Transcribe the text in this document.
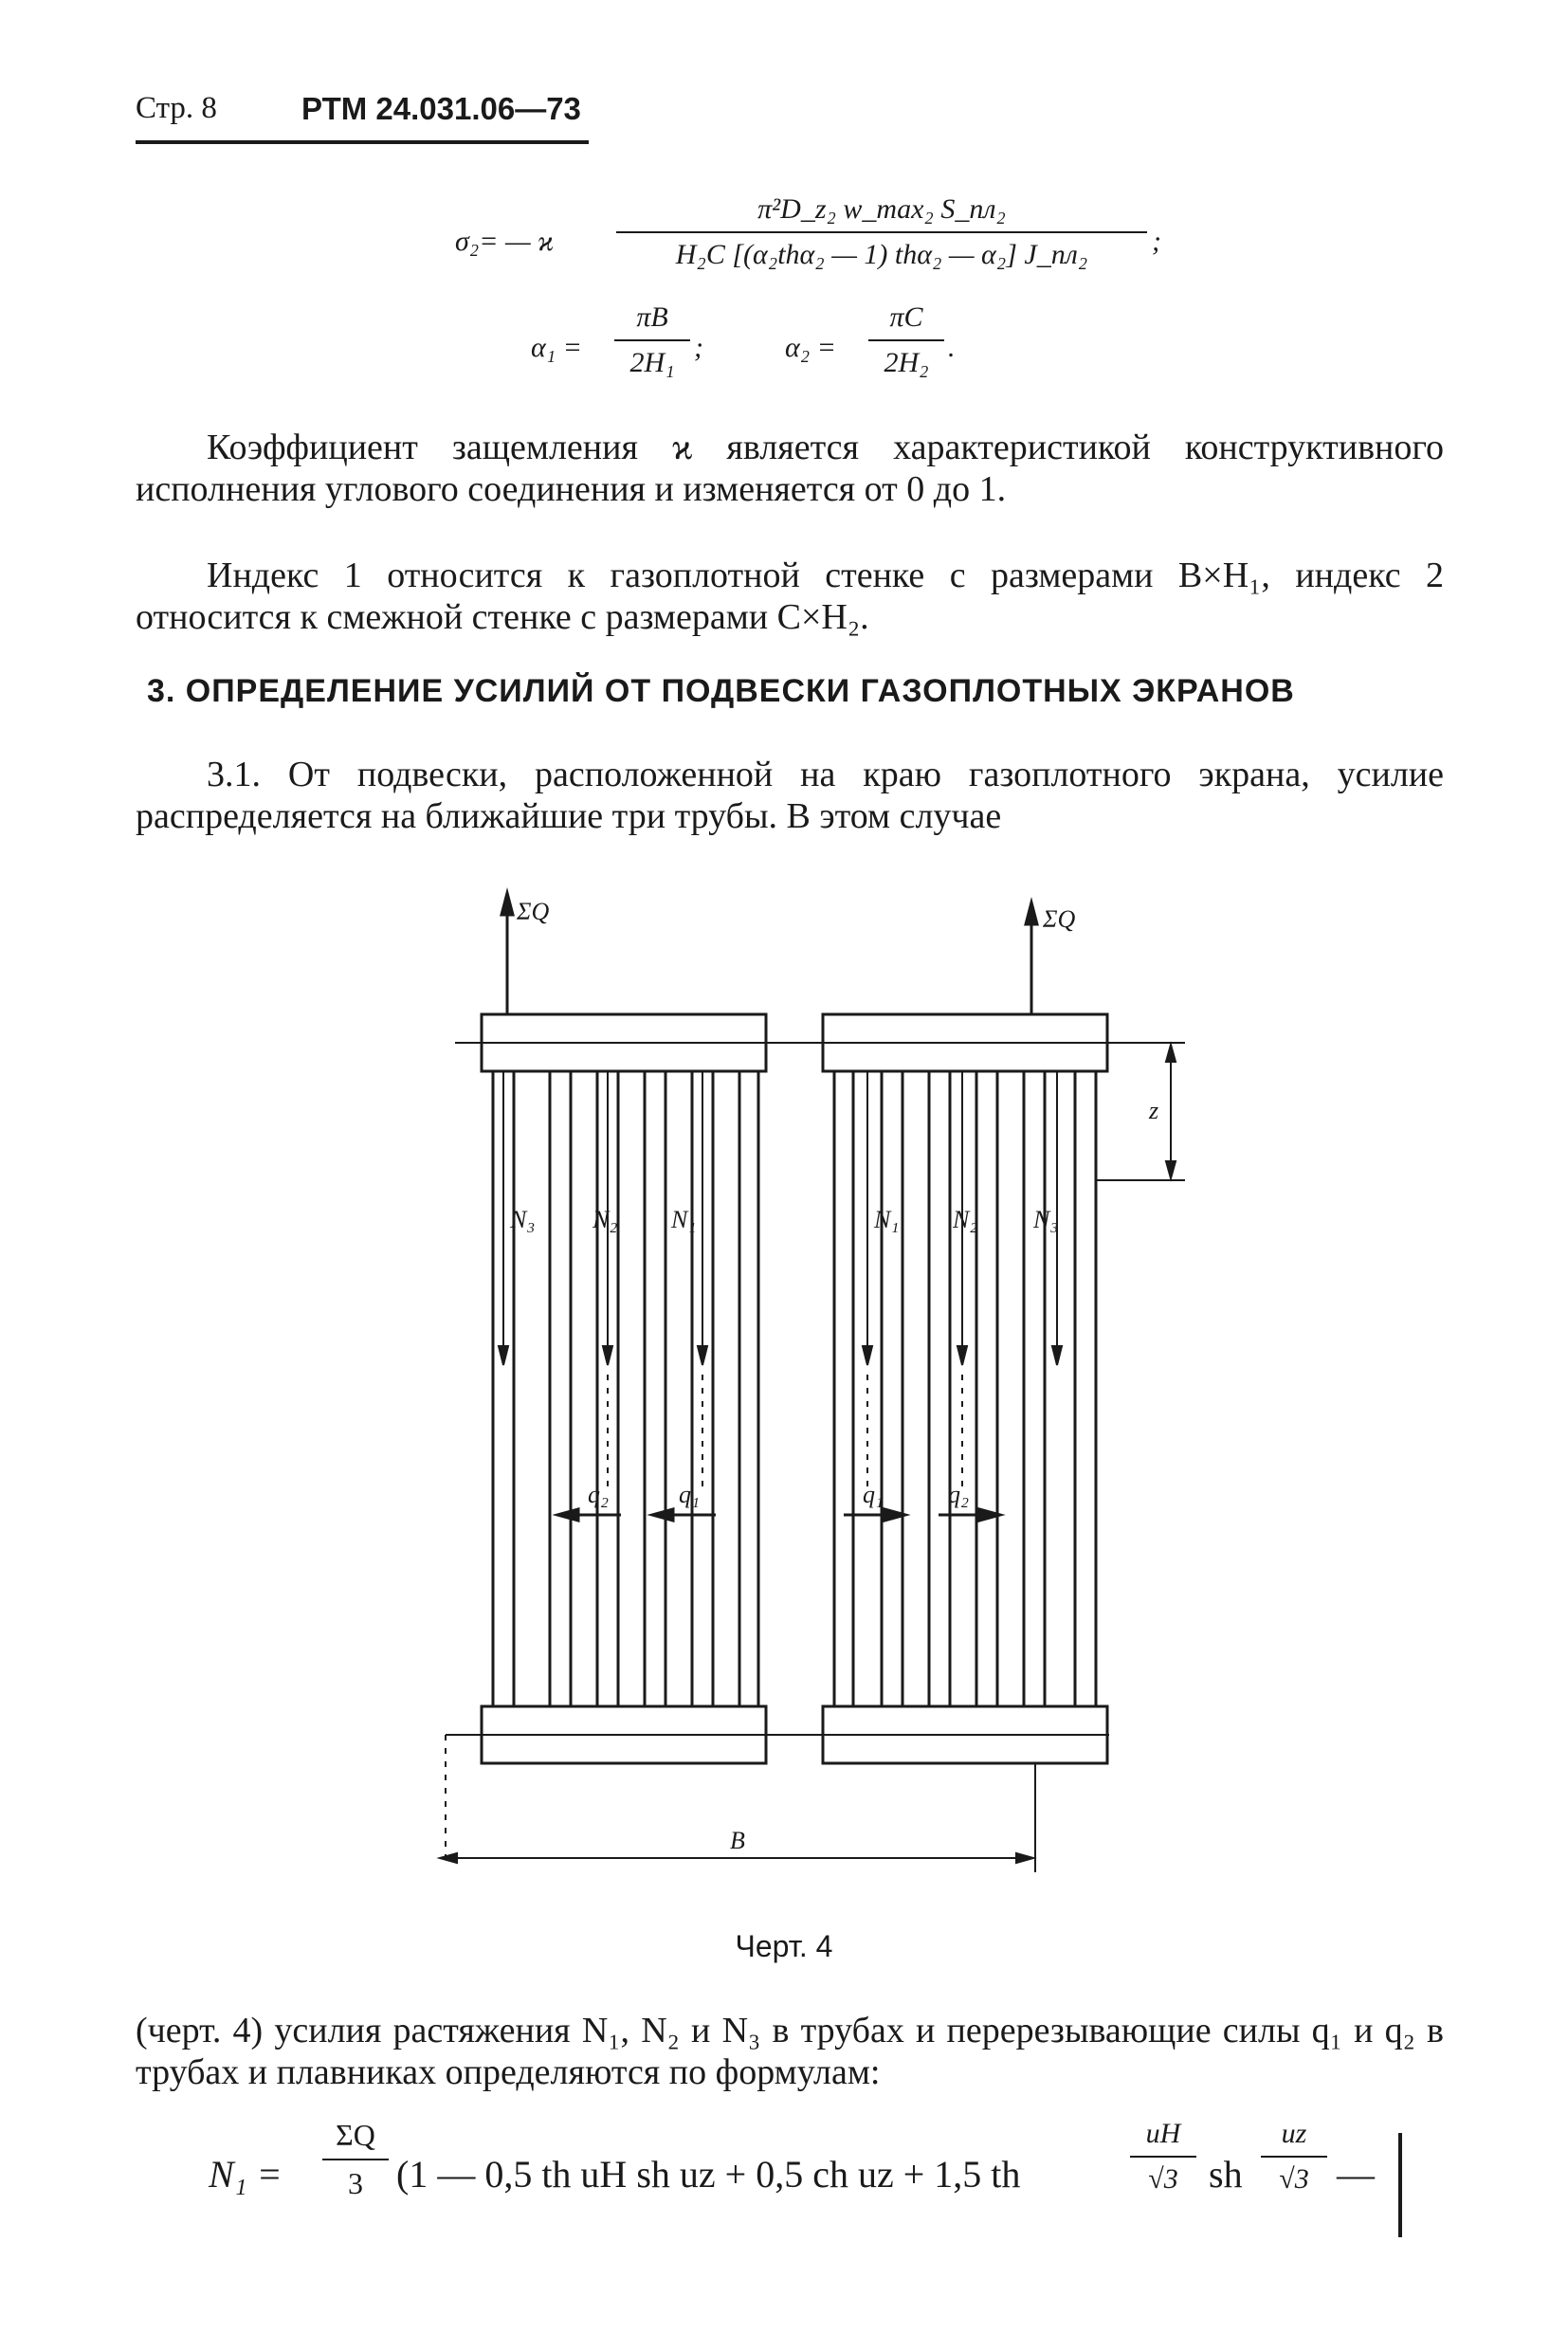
Стр. 8	РТМ 24.031.06—73
σ₂= — ϰ
π²D_z₂ w_max₂ S_пл₂
H₂C [(α₂thα₂ — 1) thα₂ — α₂] J_пл₂	;
α₁ =
πB
2H₁ ;	α₂ =
πC
2H₂ .

Коэффициент защемления ϰ является характеристикой конструктивного исполнения углового соединения и изменяется от 0 до 1.

Индекс 1 относится к газоплотной стенке с размерами B×H₁, индекс 2 относится к смежной стенке с размерами C×H₂.

3. ОПРЕДЕЛЕНИЕ УСИЛИЙ ОТ ПОДВЕСКИ ГАЗОПЛОТНЫХ ЭКРАНОВ

3.1. От подвески, расположенной на краю газоплотного экрана, усилие распределяется на ближайшие три трубы. В этом случае

ΣQ	ΣQ
z
B
N₃ N₂ N₁	N₁ N₂ N₃
q₂	q₁	q₁	q₂
Черт. 4

(черт. 4) усилия растяжения N₁, N₂ и N₃ в трубах и перерезывающие силы q₁ и q₂ в трубах и плавниках определяются по формулам:

N₁ =
ΣQ
3 (1 — 0,5 th uH sh uz + 0,5 ch uz + 1,5 th
uH
√3 sh
uz
√3 —
